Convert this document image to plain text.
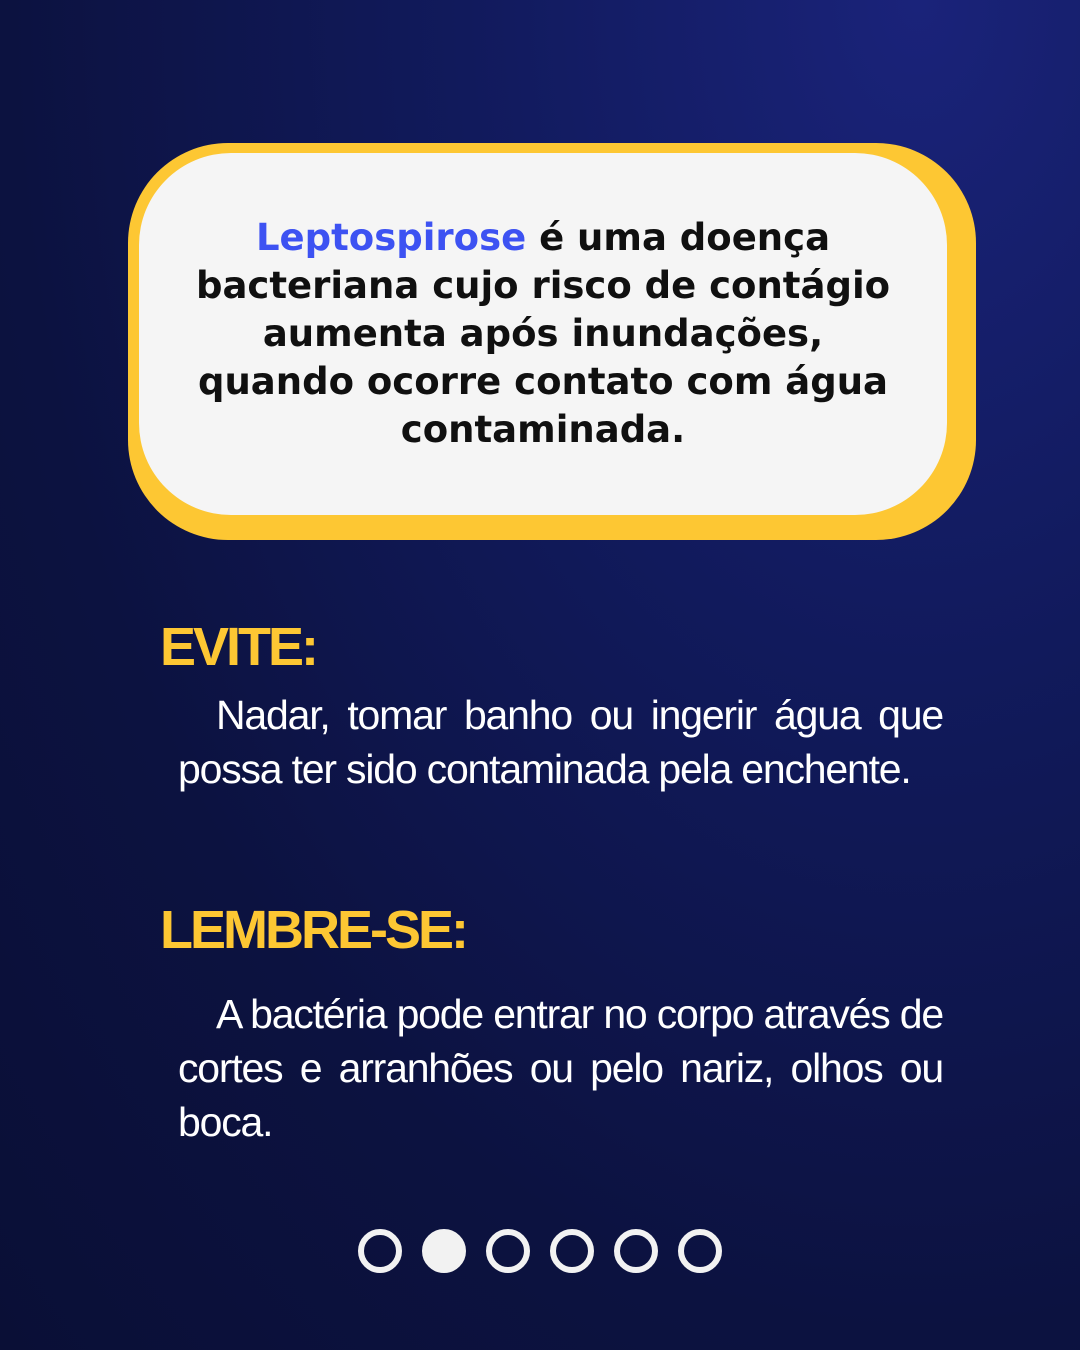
Leptospirose é uma doença bacteriana cujo risco de contágio aumenta após inundações, quando ocorre contato com água contaminada.

EVITE:

Nadar, tomar banho ou ingerir água que possa ter sido contaminada pela enchente.

LEMBRE-SE:

A bactéria pode entrar no corpo através de cortes e arranhões ou pelo nariz, olhos ou boca.
